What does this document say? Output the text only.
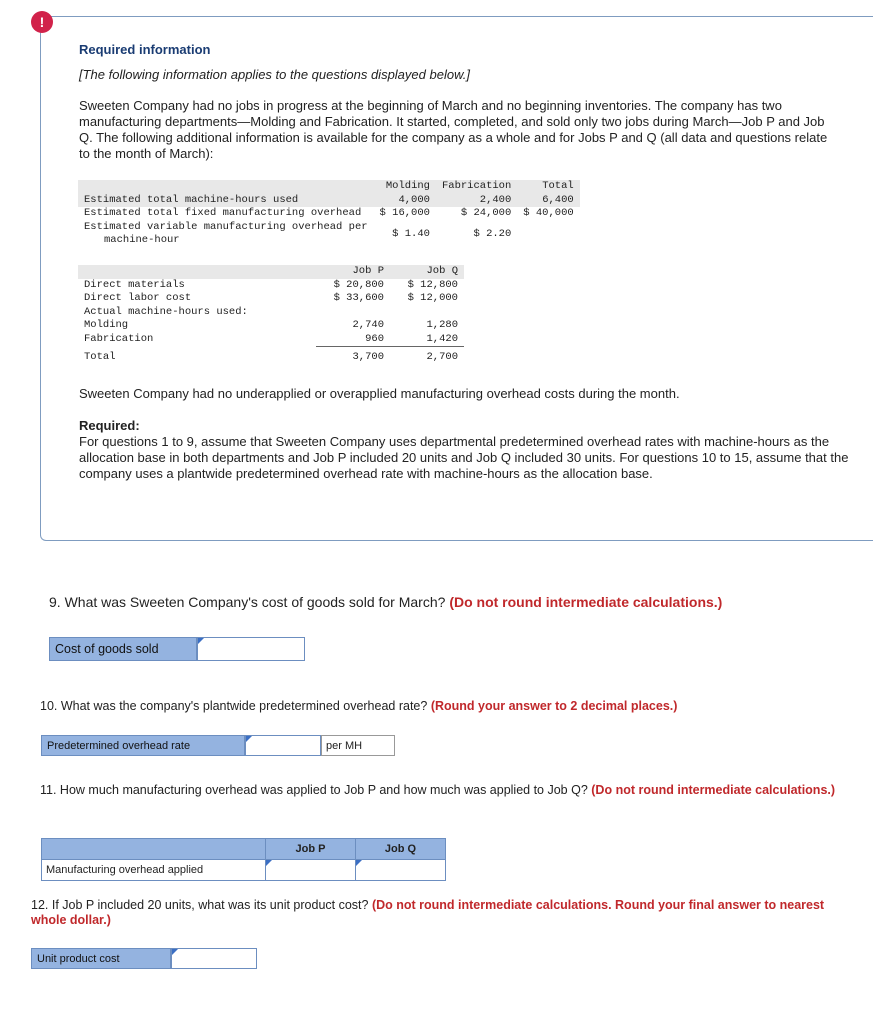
!
Required information
[The following information applies to the questions displayed below.]
Sweeten Company had no jobs in progress at the beginning of March and no beginning inventories. The company has two manufacturing departments—Molding and Fabrication. It started, completed, and sold only two jobs during March—Job P and Job Q. The following additional information is available for the company as a whole and for Jobs P and Q (all data and questions relate to the month of March):
	Molding	Fabrication	Total
Estimated total machine-hours used	4,000	2,400	6,400
Estimated total fixed manufacturing overhead	$ 16,000	$ 24,000	$ 40,000
Estimated variable manufacturing overhead per	$ 1.40	$ 2.20	
machine-hour			
	Job P	Job Q
Direct materials	$ 20,800	$ 12,800
Direct labor cost	$ 33,600	$ 12,000
Actual machine-hours used:		
Molding	2,740	1,280
Fabrication	960	1,420
Total	3,700	2,700
Sweeten Company had no underapplied or overapplied manufacturing overhead costs during the month.
Required:
For questions 1 to 9, assume that Sweeten Company uses departmental predetermined overhead rates with machine-hours as the allocation base in both departments and Job P included 20 units and Job Q included 30 units. For questions 10 to 15, assume that the company uses a plantwide predetermined overhead rate with machine-hours as the allocation base.
9. What was Sweeten Company's cost of goods sold for March? (Do not round intermediate calculations.)
Cost of goods sold
10. What was the company's plantwide predetermined overhead rate? (Round your answer to 2 decimal places.)
Predetermined overhead rate	per MH
11. How much manufacturing overhead was applied to Job P and how much was applied to Job Q? (Do not round intermediate calculations.)
	Job P	Job Q
Manufacturing overhead applied		
12. If Job P included 20 units, what was its unit product cost? (Do not round intermediate calculations. Round your final answer to nearest whole dollar.)
Unit product cost
